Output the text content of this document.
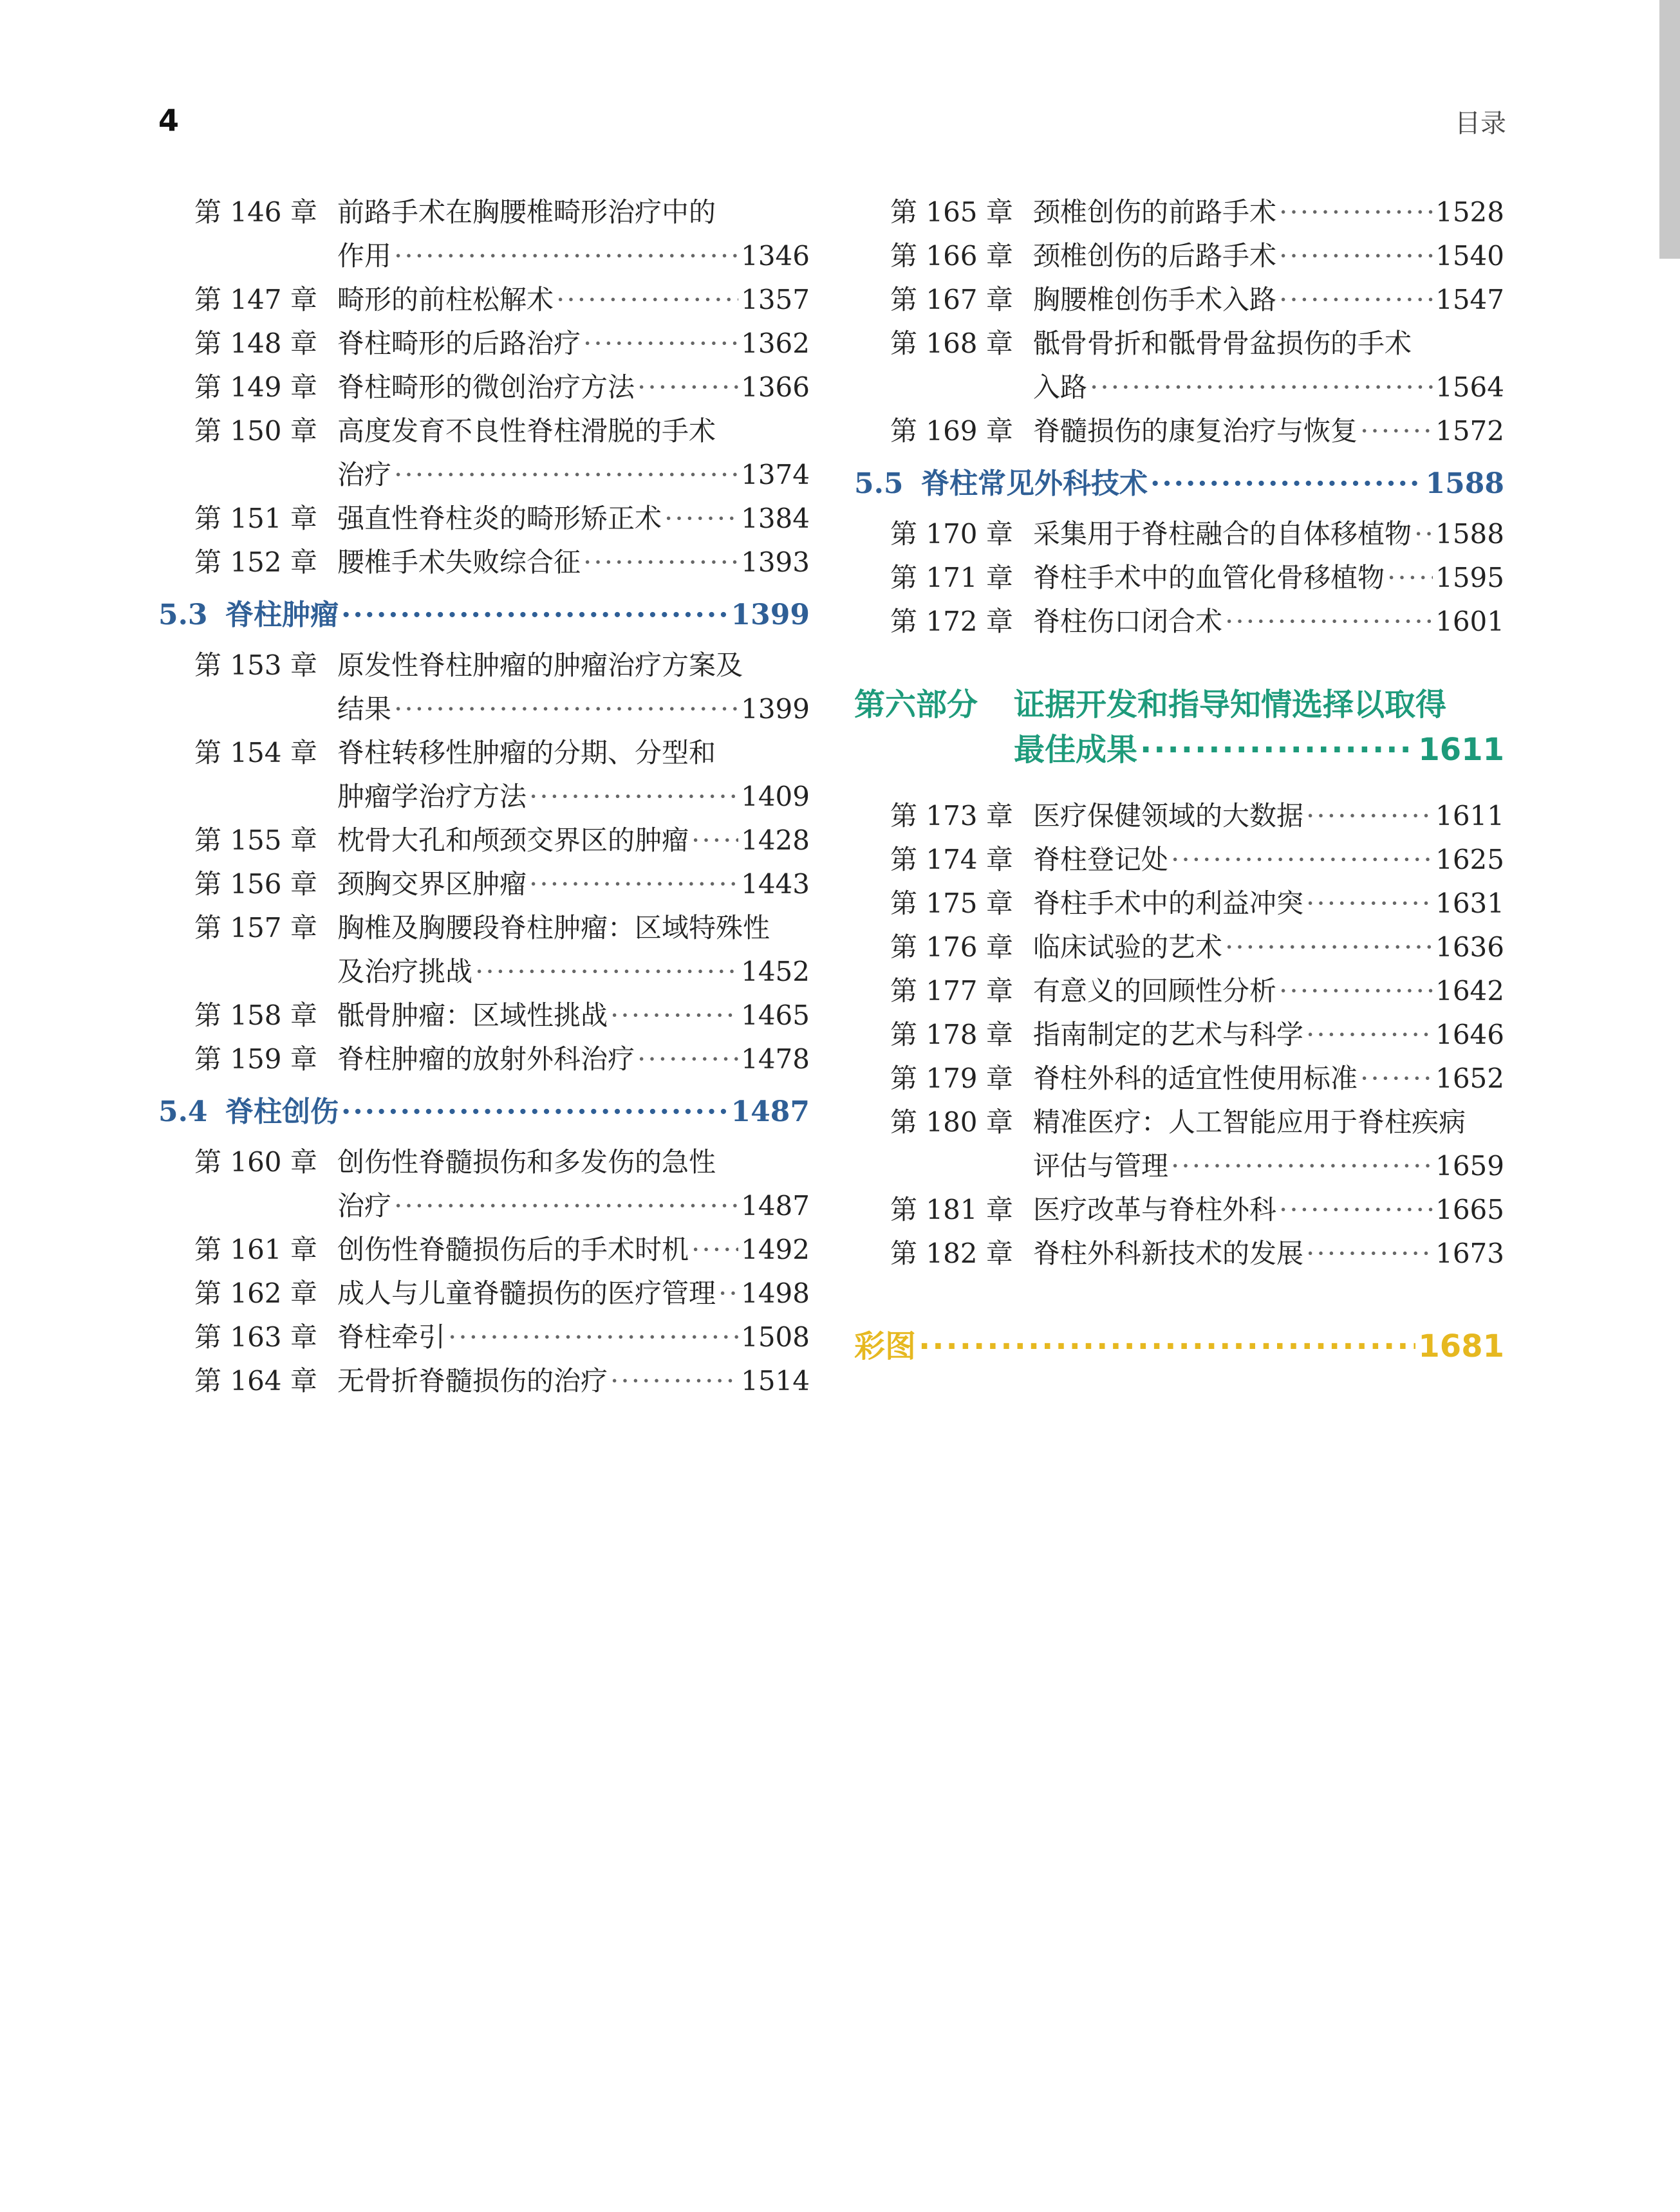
4	目录
第 146 章 前路手术在胸腰椎畸形治疗中的
作用 ·····	1346
第 147 章 畸形的前柱松解术 ·····	1357
第 148 章 脊柱畸形的后路治疗 ·····	1362
第 149 章 脊柱畸形的微创治疗方法 ·····	1366
第 150 章 高度发育不良性脊柱滑脱的手术
治疗 ·····	1374
第 151 章 强直性脊柱炎的畸形矫正术 ·····	1384
第 152 章 腰椎手术失败综合征 ·····	1393
5.3 脊柱肿瘤 ·····	1399
第 153 章 原发性脊柱肿瘤的肿瘤治疗方案及
结果 ·····	1399
第 154 章 脊柱转移性肿瘤的分期、分型和
肿瘤学治疗方法 ·····	1409
第 155 章 枕骨大孔和颅颈交界区的肿瘤 ····· 1428
第 156 章 颈胸交界区肿瘤 ·····	1443
第 157 章 胸椎及胸腰段脊柱肿瘤：区域特殊性
及治疗挑战 ·····	1452
第 158 章 骶骨肿瘤：区域性挑战 ·····	1465
第 159 章 脊柱肿瘤的放射外科治疗 ·····	1478
5.4 脊柱创伤 ·····	1487
第 160 章 创伤性脊髓损伤和多发伤的急性
治疗 ·····	1487
第 161 章 创伤性脊髓损伤后的手术时机 ····· 1492
第 162 章 成人与儿童脊髓损伤的医疗管理 ····· 1498
第 163 章 脊柱牵引 ·····	1508
第 164 章 无骨折脊髓损伤的治疗 ·····	1514
第 165 章 颈椎创伤的前路手术 ·····	1528
第 166 章 颈椎创伤的后路手术 ·····	1540
第 167 章 胸腰椎创伤手术入路 ·····	1547
第 168 章 骶骨骨折和骶骨骨盆损伤的手术
入路 ·····	1564
第 169 章 脊髓损伤的康复治疗与恢复 ·····	1572
5.5 脊柱常见外科技术 ·····	1588
第 170 章 采集用于脊柱融合的自体移植物 ····· 1588
第 171 章 脊柱手术中的血管化骨移植物 ····· 1595
第 172 章 脊柱伤口闭合术 ·····	1601
第六部分	证据开发和指导知情选择以取得
最佳成果 ·····	1611
第 173 章 医疗保健领域的大数据 ·····	1611
第 174 章 脊柱登记处 ·····	1625
第 175 章 脊柱手术中的利益冲突 ·····	1631
第 176 章 临床试验的艺术 ·····	1636
第 177 章 有意义的回顾性分析 ·····	1642
第 178 章 指南制定的艺术与科学 ·····	1646
第 179 章 脊柱外科的适宜性使用标准 ·····	1652
第 180 章 精准医疗：人工智能应用于脊柱疾病
评估与管理 ·····	1659
第 181 章 医疗改革与脊柱外科 ·····	1665
第 182 章 脊柱外科新技术的发展 ·····	1673
彩图 ·····	1681
